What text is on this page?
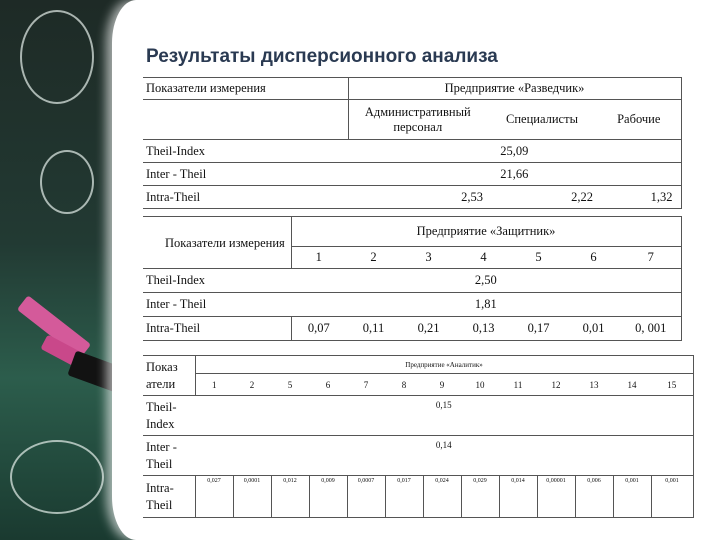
Результаты дисперсионного анализа
Показатели измерения	Предприятие «Разведчик»		
	Административный персонал	Специалисты	Рабочие
Theil-Index	25,09		
Inter - Theil	21,66		
Intra-Theil	2,53	2,22	1,32
Показатели измерения	Предприятие «Защитник»						
	1	2	3	4	5	6	7
Theil-Index	2,50						
Inter - Theil	1,81						
Intra-Theil	0,07	0,11	0,21	0,13	0,17	0,01	0, 001
Показ атели	Предприятие «Аналитик»												
	1	2	5	6	7	8	9	10	11	12	13	14	15
Theil-Index	0,15												
Inter - Theil	0,14												
Intra-Theil	0,027	0,0001	0,012	0,009	0,0007	0,017	0,024	0,029	0,014	0,00001	0,006	0,001	0,001
